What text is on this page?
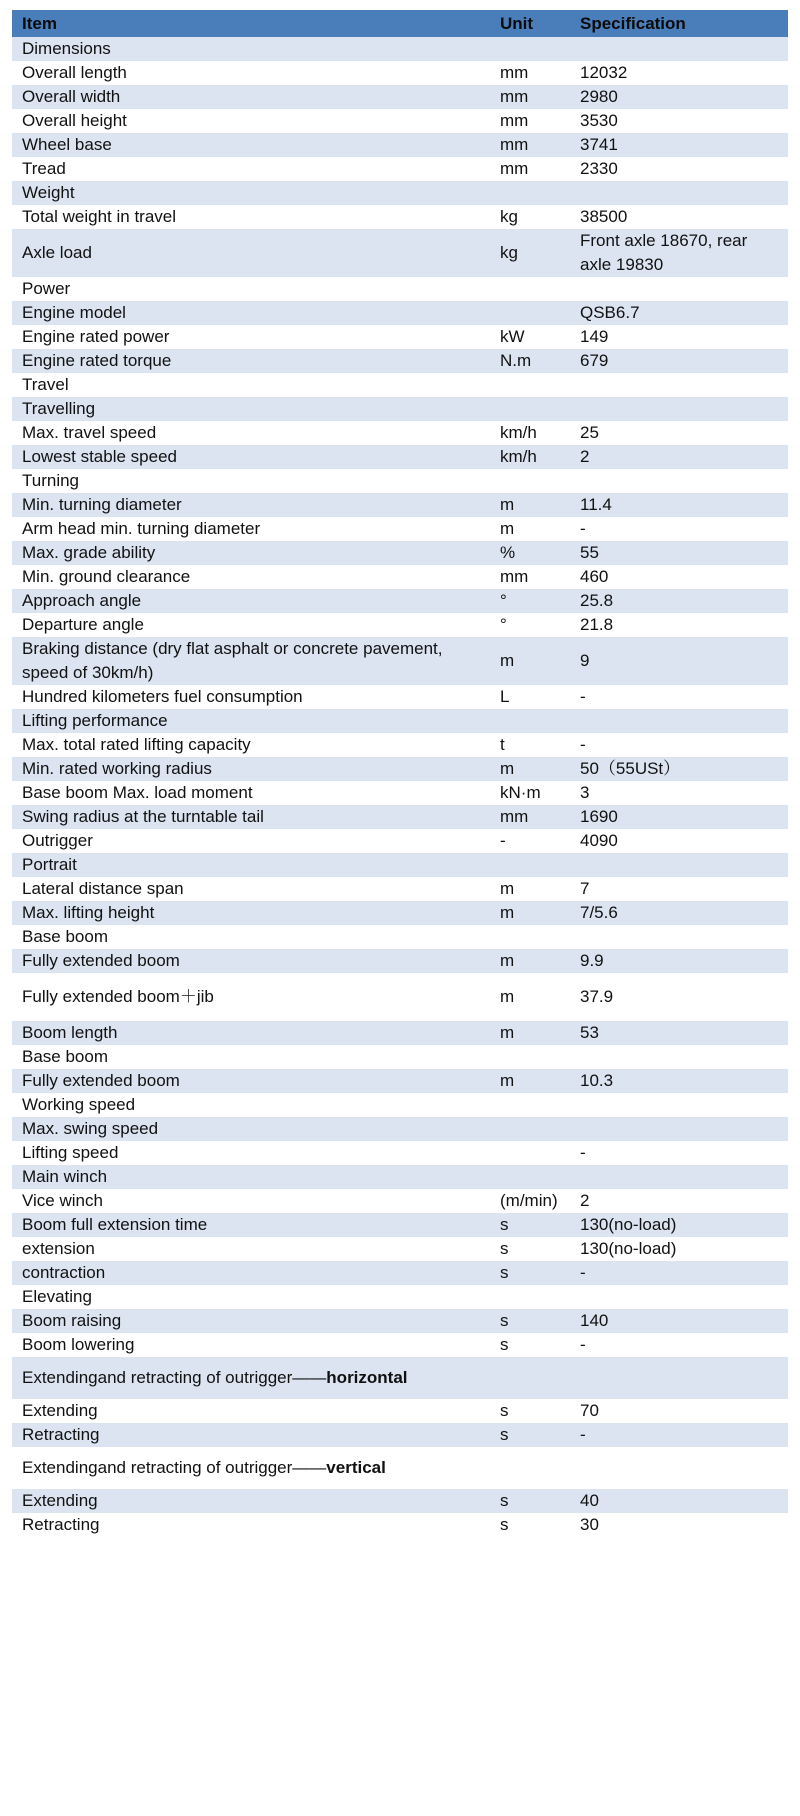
Item	Unit	Specification
Dimensions		
Overall length	mm	12032
Overall width	mm	2980
Overall height	mm	3530
Wheel base	mm	3741
Tread	mm	2330
Weight		
Total weight in travel	kg	38500
Axle load	kg	Front axle 18670, rear axle 19830
Power		
Engine model		QSB6.7
Engine rated power	kW	149
Engine rated torque	N.m	679
Travel		
Travelling		
Max. travel speed	km/h	25
Lowest stable speed	km/h	2
Turning		
Min. turning diameter	m	11.4
Arm head min. turning diameter	m	-
Max. grade ability	%	55
Min. ground clearance	mm	460
Approach angle	°	25.8
Departure angle	°	21.8
Braking distance (dry flat asphalt or concrete pavement, speed of 30km/h)	m	9
Hundred kilometers fuel consumption	L	-
Lifting performance		
Max. total rated lifting capacity	t	-
Min. rated working radius	m	50（55USt）
Base boom Max. load moment	kN·m	3
Swing radius at the turntable tail	mm	1690
Outrigger	-	4090
Portrait		
Lateral distance span	m	7
Max. lifting height	m	7/5.6
Base boom		
Fully extended boom	m	9.9
Fully extended boom＋jib	m	37.9
Boom length	m	53
Base boom		
Fully extended boom	m	10.3
Working speed		
Max. swing speed		
Lifting speed		-
Main winch		
Vice winch	(m/min)	2
Boom full extension time	s	130(no-load)
extension	s	130(no-load)
contraction	s	-
Elevating		
Boom raising	s	140
Boom lowering	s	-
Extendingand retracting of outrigger——horizontal		
Extending	s	70
Retracting	s	-
Extendingand retracting of outrigger——vertical		
Extending	s	40
Retracting	s	30
